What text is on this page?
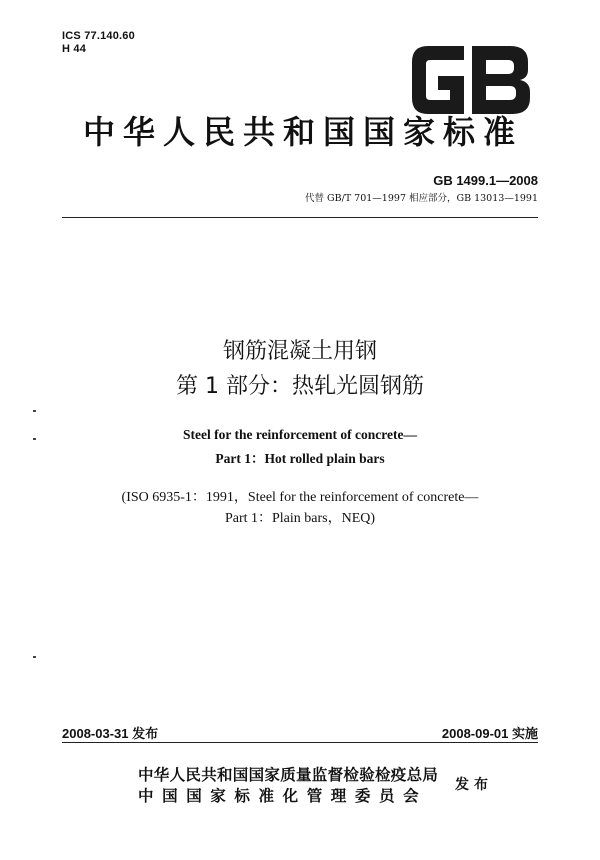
ICS 77.140.60
H 44
中华人民共和国国家标准
GB 1499.1—2008
代替 GB/T 701—1997 相应部分，GB 13013—1991
钢筋混凝土用钢
第 1 部分：热轧光圆钢筋
Steel for the reinforcement of concrete—
Part 1：Hot rolled plain bars
(ISO 6935-1：1991，Steel for the reinforcement of concrete—
Part 1：Plain bars，NEQ)
2008-03-31 发布	2008-09-01 实施
中华人民共和国国家质量监督检验检疫总局
中国国家标准化管理委员会
发布
